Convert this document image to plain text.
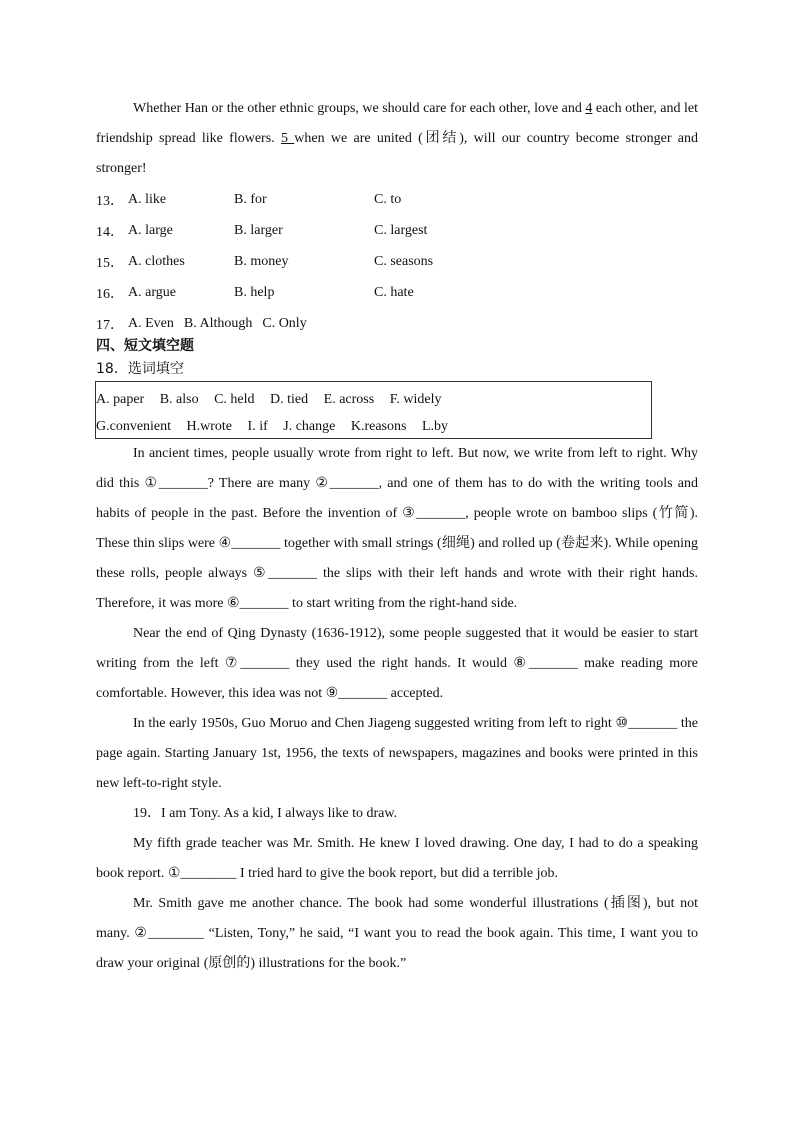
Whether Han or the other ethnic groups, we should care for each other, love and 4 each other, and let friendship spread like flowers. 5 when we are united (团结), will our country become stronger and stronger!

13． A. like	B. for	C. to
14． A. large	B. larger	C. largest
15． A. clothes	B. money	C. seasons
16． A. argue	B. help	C. hate
17． A. Even B. Although C. Only
四、短文填空题
18．选词填空
A. paper B. also C. held D. tied E. across F. widely
G.convenient H.wrote I. if J. change K.reasons L.by

In ancient times, people usually wrote from right to left. But now, we write from left to right. Why did this ①_______? There are many ②_______, and one of them has to do with the writing tools and habits of people in the past. Before the invention of ③_______, people wrote on bamboo slips (竹简). These thin slips were ④_______ together with small strings (细绳) and rolled up (卷起来). While opening these rolls, people always ⑤_______ the slips with their left hands and wrote with their right hands. Therefore, it was more ⑥_______ to start writing from the right-hand side.

Near the end of Qing Dynasty (1636-1912), some people suggested that it would be easier to start writing from the left ⑦_______ they used the right hands. It would ⑧_______ make reading more comfortable. However, this idea was not ⑨_______ accepted.

In the early 1950s, Guo Moruo and Chen Jiageng suggested writing from left to right ⑩_______ the page again. Starting January 1st, 1956, the texts of newspapers, magazines and books were printed in this new left-to-right style.

19．I am Tony. As a kid, I always like to draw.

My fifth grade teacher was Mr. Smith. He knew I loved drawing. One day, I had to do a speaking book report. ①________ I tried hard to give the book report, but did a terrible job.

Mr. Smith gave me another chance. The book had some wonderful illustrations (插图), but not many. ②________ “Listen, Tony,” he said, “I want you to read the book again. This time, I want you to draw your original (原创的) illustrations for the book.”
